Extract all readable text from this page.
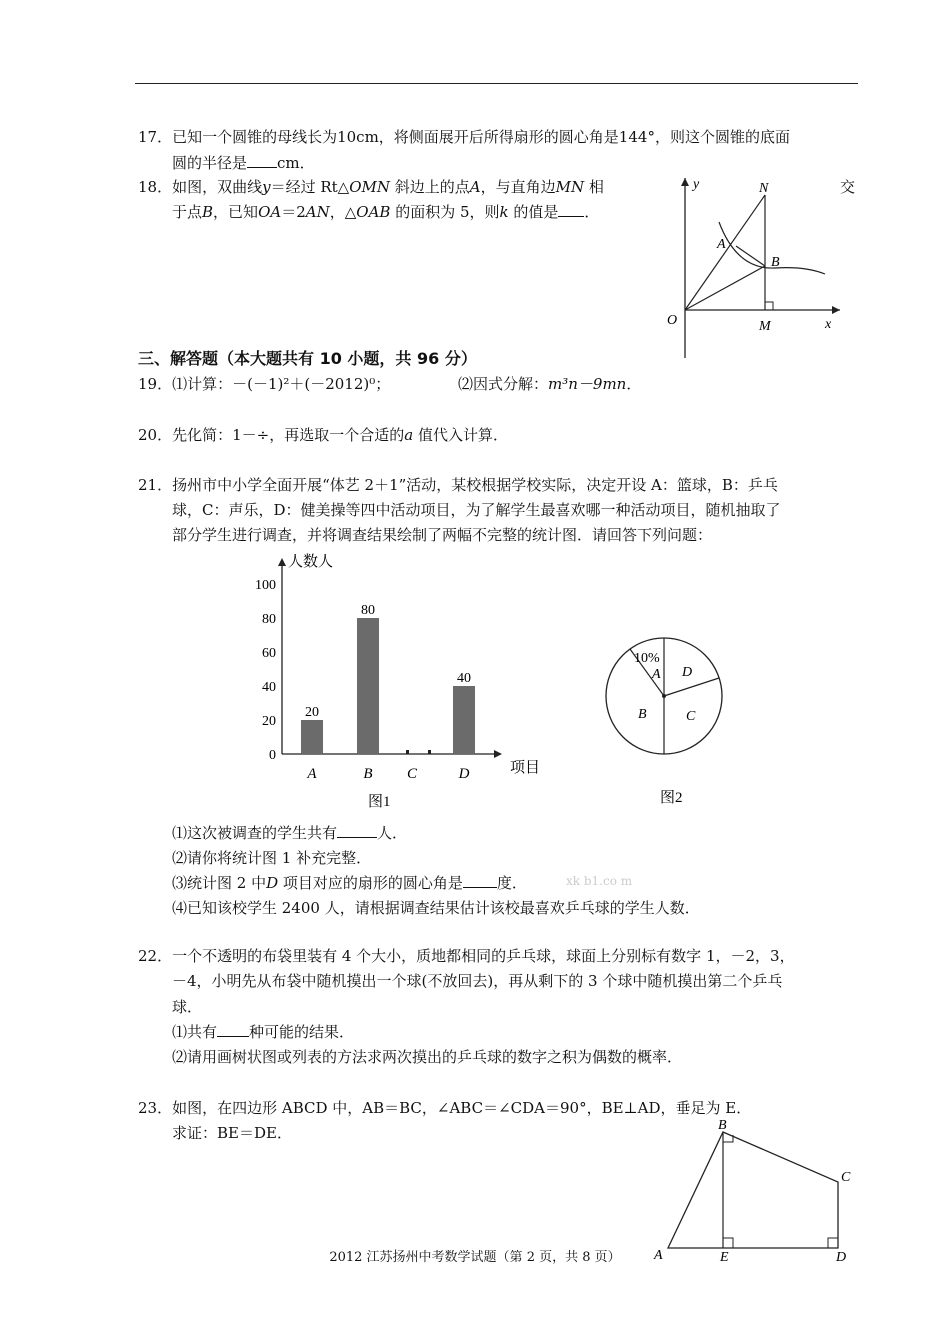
17．已知一个圆锥的母线长为10cm，将侧面展开后所得扇形的圆心角是144°，则这个圆锥的底面
圆的半径是 cm．
18．如图，双曲线y＝经过 Rt△OMN 斜边上的点A，与直角边MN 相	交
于点B，已知OA＝2AN，△OAB 的面积为 5，则k 的值是 ．
y
x
O	M
N
A
B
三、解答题（本大题共有 10 小题，共 96 分）
19．⑴计算：－(－1)²＋(－2012)⁰；	⑵因式分解：m³n－9mn．
20．先化简：1－÷，再选取一个合适的a 值代入计算．
21．扬州市中小学全面开展“体艺 2＋1”活动，某校根据学校实际，决定开设 A：篮球，B：乒乓
球，C：声乐，D：健美操等四中活动项目，为了解学生最喜欢哪一种活动项目，随机抽取了
部分学生进行调查，并将调查结果绘制了两幅不完整的统计图．请回答下列问题：
人数人
项目
0
20
40
60
80
100
20
A
80
B C
40
D
图1
10%
A D
C
B
图2
⑴这次被调查的学生共有	人．
⑵请你将统计图 1 补充完整．
⑶统计图 2 中D 项目对应的扇形的圆心角是 度．	xk b1.co m
⑷已知该校学生 2400 人，请根据调查结果估计该校最喜欢乒乓球的学生人数．
22．一个不透明的布袋里装有 4 个大小，质地都相同的乒乓球，球面上分别标有数字 1，－2，3，
－4，小明先从布袋中随机摸出一个球(不放回去)，再从剩下的 3 个球中随机摸出第二个乒乓
球．
⑴共有 种可能的结果．
⑵请用画树状图或列表的方法求两次摸出的乒乓球的数字之积为偶数的概率．
23．如图，在四边形 ABCD 中，AB＝BC，∠ABC＝∠CDA＝90°，BE⊥AD，垂足为 E．
求证：BE＝DE．
A
B
C
D
E
2012 江苏扬州中考数学试题（第 2 页，共 8 页）
